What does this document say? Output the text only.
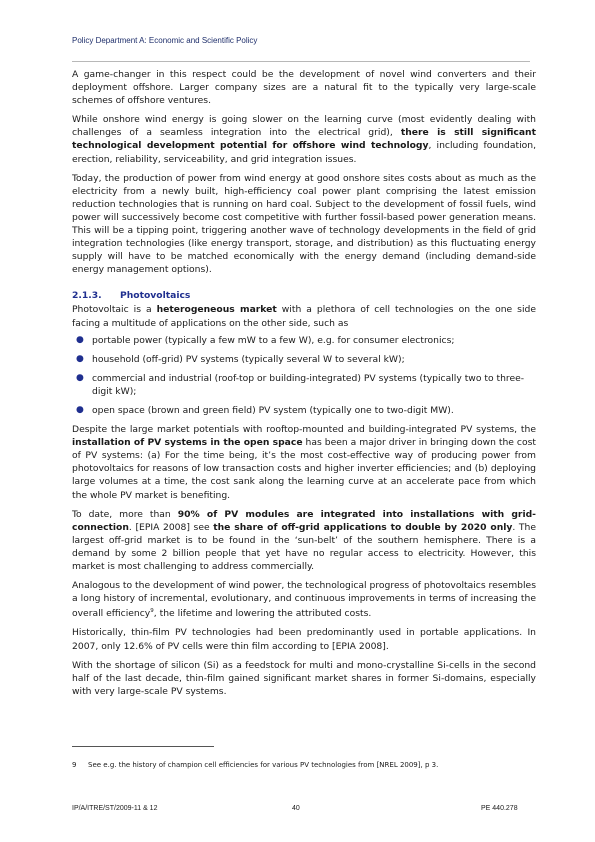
Policy Department A: Economic and Scientific Policy

A game-changer in this respect could be the development of novel wind converters and their deployment offshore. Larger company sizes are a natural fit to the typically very large-scale schemes of offshore ventures.

While onshore wind energy is going slower on the learning curve (most evidently dealing with challenges of a seamless integration into the electrical grid), there is still significant technological development potential for offshore wind technology, including foundation, erection, reliability, serviceability, and grid integration issues.

Today, the production of power from wind energy at good onshore sites costs about as much as the electricity from a newly built, high-efficiency coal power plant comprising the latest emission reduction technologies that is running on hard coal. Subject to the development of fossil fuels, wind power will successively become cost competitive with further fossil-based power generation means. This will be a tipping point, triggering another wave of technology developments in the field of grid integration technologies (like energy transport, storage, and distribution) as this fluctuating energy supply will have to be matched economically with the energy demand (including demand-side energy management options).

2.1.3. Photovoltaics

Photovoltaic is a heterogeneous market with a plethora of cell technologies on the one side facing a multitude of applications on the other side, such as

● portable power (typically a few mW to a few W), e.g. for consumer electronics;
● household (off-grid) PV systems (typically several W to several kW);
● commercial and industrial (roof-top or building-integrated) PV systems (typically two to three-digit kW);
● open space (brown and green field) PV system (typically one to two-digit MW).

Despite the large market potentials with rooftop-mounted and building-integrated PV systems, the installation of PV systems in the open space has been a major driver in bringing down the cost of PV systems: (a) For the time being, it’s the most cost-effective way of producing power from photovoltaics for reasons of low transaction costs and higher inverter efficiencies; and (b) deploying large volumes at a time, the cost sank along the learning curve at an accelerate pace from which the whole PV market is benefiting.

To date, more than 90% of PV modules are integrated into installations with grid-connection. [EPIA 2008] see the share of off-grid applications to double by 2020 only. The largest off-grid market is to be found in the ‘sun-belt’ of the southern hemisphere. There is a demand by some 2 billion people that yet have no regular access to electricity. However, this market is most challenging to address commercially.

Analogous to the development of wind power, the technological progress of photovoltaics resembles a long history of incremental, evolutionary, and continuous improvements in terms of increasing the overall efficiency$^9$, the lifetime and lowering the attributed costs.

Historically, thin-film PV technologies had been predominantly used in portable applications. In 2007, only 12.6% of PV cells were thin film according to [EPIA 2008].

With the shortage of silicon (Si) as a feedstock for multi and mono-crystalline Si-cells in the second half of the last decade, thin-film gained significant market shares in former Si-domains, especially with very large-scale PV systems.

9 See e.g. the history of champion cell efficiencies for various PV technologies from [NREL 2009], p 3.
IP/A/ITRE/ST/2009-11 & 12	40	PE 440.278
